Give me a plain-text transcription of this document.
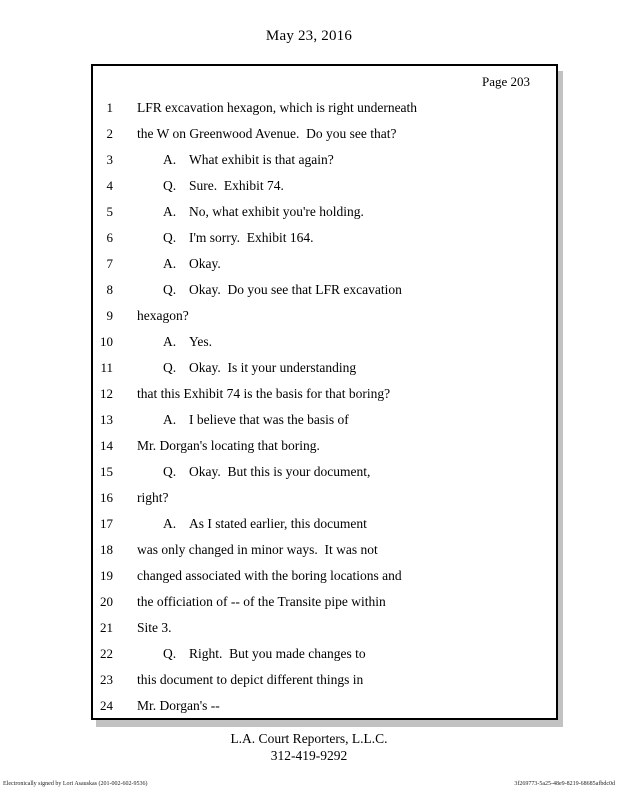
May 23, 2016
Page 203
1 LFR excavation hexagon, which is right underneath
2 the W on Greenwood Avenue.  Do you see that?
3	A. What exhibit is that again?
4	Q. Sure.  Exhibit 74.
5	A. No, what exhibit you're holding.
6	Q. I'm sorry.  Exhibit 164.
7	A. Okay.
8	Q. Okay.  Do you see that LFR excavation
9 hexagon?
10	A. Yes.
11	Q. Okay.  Is it your understanding
12 that this Exhibit 74 is the basis for that boring?
13	A. I believe that was the basis of
14 Mr. Dorgan's locating that boring.
15	Q. Okay.  But this is your document,
16 right?
17	A. As I stated earlier, this document
18 was only changed in minor ways.  It was not
19 changed associated with the boring locations and
20 the officiation of -- of the Transite pipe within
21 Site 3.
22	Q. Right.  But you made changes to
23 this document to depict different things in
24 Mr. Dorgan's --
L.A. Court Reporters, L.L.C.
312-419-9292
Electronically signed by Lori Asauskas (201-002-602-9536)	3f269773-5a25-48e9-8219-68685afbdc0d
